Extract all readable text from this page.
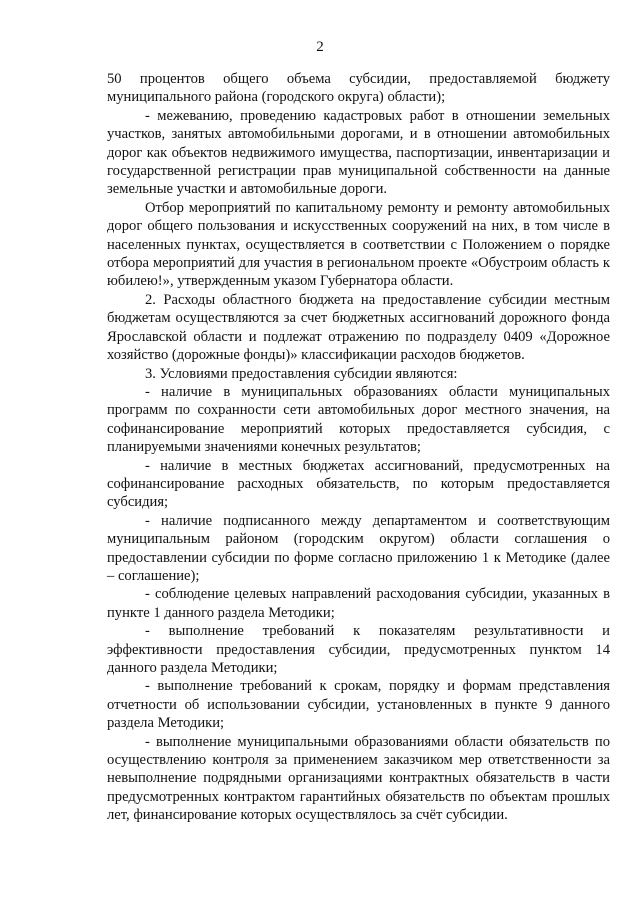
2

50 процентов общего объема субсидии, предоставляемой бюджету муниципального района (городского округа) области);

- межеванию, проведению кадастровых работ в отношении земельных участков, занятых автомобильными дорогами, и в отношении автомобильных дорог как объектов недвижимого имущества, паспортизации, инвентаризации и государственной регистрации прав муниципальной собственности на данные земельные участки и автомобильные дороги.

Отбор мероприятий по капитальному ремонту и ремонту автомобильных дорог общего пользования и искусственных сооружений на них, в том числе в населенных пунктах, осуществляется в соответствии с Положением о порядке отбора мероприятий для участия в региональном проекте «Обустроим область к юбилею!», утвержденным указом Губернатора области.

2. Расходы областного бюджета на предоставление субсидии местным бюджетам осуществляются за счет бюджетных ассигнований дорожного фонда Ярославской области и подлежат отражению по подразделу 0409 «Дорожное хозяйство (дорожные фонды)» классификации расходов бюджетов.

3. Условиями предоставления субсидии являются:

- наличие в муниципальных образованиях области муниципальных программ по сохранности сети автомобильных дорог местного значения, на софинансирование мероприятий которых предоставляется субсидия, с планируемыми значениями конечных результатов;

- наличие в местных бюджетах ассигнований, предусмотренных на софинансирование расходных обязательств, по которым предоставляется субсидия;

- наличие подписанного между департаментом и соответствующим муниципальным районом (городским округом) области соглашения о предоставлении субсидии по форме согласно приложению 1 к Методике (далее – соглашение);

- соблюдение целевых направлений расходования субсидии, указанных в пункте 1 данного раздела Методики;

- выполнение требований к показателям результативности и эффективности предоставления субсидии, предусмотренных пунктом 14 данного раздела Методики;

- выполнение требований к срокам, порядку и формам представления отчетности об использовании субсидии, установленных в пункте 9 данного раздела Методики;

- выполнение муниципальными образованиями области обязательств по осуществлению контроля за применением заказчиком мер ответственности за невыполнение подрядными организациями контрактных обязательств в части предусмотренных контрактом гарантийных обязательств по объектам прошлых лет, финансирование которых осуществлялось за счёт субсидии.
